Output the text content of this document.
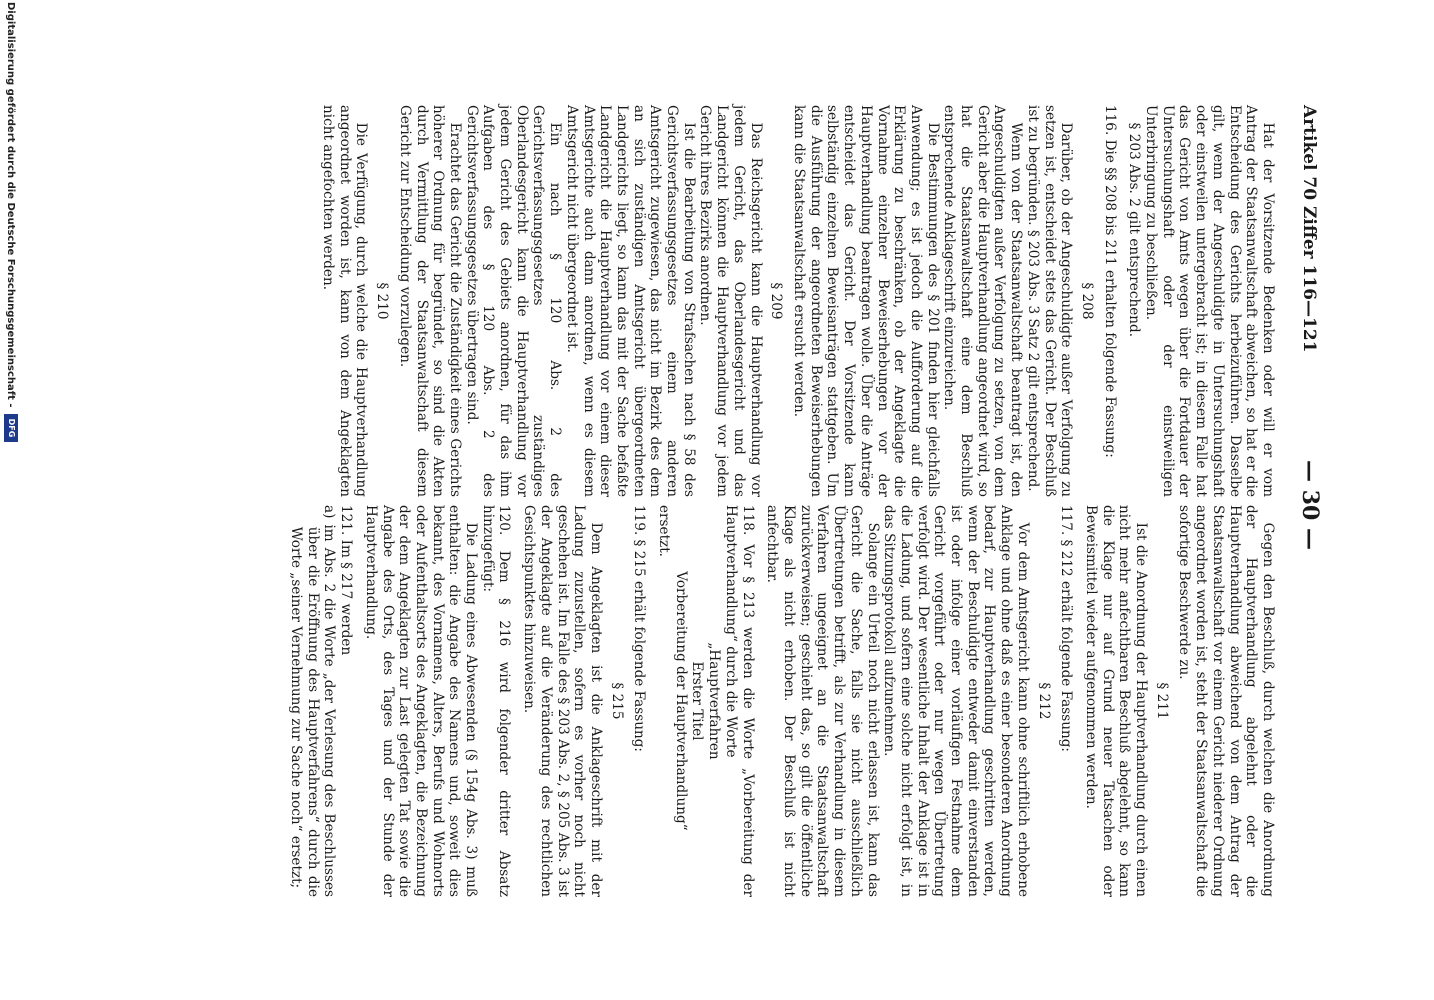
Artikel 70 Ziffer 116—121
— 30 —

Hat der Vorsitzende Bedenken oder will er vom Antrag der Staatsanwaltschaft abweichen, so hat er die Entscheidung des Gerichts herbeizuführen. Dasselbe gilt, wenn der Angeschuldigte in Untersuchungshaft oder einstweilen untergebracht ist; in diesem Falle hat das Gericht von Amts wegen über die Fortdauer der Untersuchungshaft oder der einstweiligen Unterbringung zu beschließen.

§ 203 Abs. 2 gilt entsprechend.

116. Die §§ 208 bis 211 erhalten folgende Fassung:

§ 208

Darüber, ob der Angeschuldigte außer Verfolgung zu setzen ist, entscheidet stets das Gericht. Der Beschluß ist zu begründen. § 203 Abs. 3 Satz 2 gilt entsprechend.

Wenn von der Staatsanwaltschaft beantragt ist, den Angeschuldigten außer Verfolgung zu setzen, von dem Gericht aber die Hauptverhandlung angeordnet wird, so hat die Staatsanwaltschaft eine dem Beschluß entsprechende Anklageschrift einzureichen.

Die Bestimmungen des § 201 finden hier gleichfalls Anwendung; es ist jedoch die Aufforderung auf die Erklärung zu beschränken, ob der Angeklagte die Vornahme einzelner Beweiserhebungen vor der Hauptverhandlung beantragen wolle. Über die Anträge entscheidet das Gericht. Der Vorsitzende kann selbständig einzelnen Beweisanträgen stattgeben. Um die Ausführung der angeordneten Beweiserhebungen kann die Staatsanwaltschaft ersucht werden.

§ 209

Das Reichsgericht kann die Hauptverhandlung vor jedem Gericht, das Oberlandesgericht und das Landgericht können die Hauptverhandlung vor jedem Gericht ihres Bezirks anordnen.

Ist die Bearbeitung von Strafsachen nach § 58 des Gerichtsverfassungsgesetzes einem anderen Amtsgericht zugewiesen, das nicht im Bezirk des dem an sich zuständigen Amtsgericht übergeordneten Landgerichts liegt, so kann das mit der Sache befaßte Landgericht die Hauptverhandlung vor einem dieser Amtsgerichte auch dann anordnen, wenn es diesem Amtsgericht nicht übergeordnet ist.

Ein nach § 120 Abs. 2 des Gerichtsverfassungsgesetzes zuständiges Oberlandesgericht kann die Hauptverhandlung vor jedem Gericht des Gebiets anordnen, für das ihm Aufgaben des § 120 Abs. 2 des Gerichtsverfassungsgesetzes übertragen sind.

Erachtet das Gericht die Zuständigkeit eines Gerichts höherer Ordnung für begründet, so sind die Akten durch Vermittlung der Staatsanwaltschaft diesem Gericht zur Entscheidung vorzulegen.

§ 210

Die Verfügung, durch welche die Hauptverhandlung angeordnet worden ist, kann von dem Angeklagten nicht angefochten werden.

Gegen den Beschluß, durch welchen die Anordnung der Hauptverhandlung abgelehnt oder die Hauptverhandlung abweichend von dem Antrag der Staatsanwaltschaft vor einem Gericht niederer Ordnung angeordnet worden ist, steht der Staatsanwaltschaft die sofortige Beschwerde zu.

§ 211

Ist die Anordnung der Hauptverhandlung durch einen nicht mehr anfechtbaren Beschluß abgelehnt, so kann die Klage nur auf Grund neuer Tatsachen oder Beweismittel wieder aufgenommen werden.

117. § 212 erhält folgende Fassung:

§ 212

Vor dem Amtsgericht kann ohne schriftlich erhobene Anklage und ohne daß es einer besonderen Anordnung bedarf, zur Hauptverhandlung geschritten werden, wenn der Beschuldigte entweder damit einverstanden ist oder infolge einer vorläufigen Festnahme dem Gericht vorgeführt oder nur wegen Übertretung verfolgt wird. Der wesentliche Inhalt der Anklage ist in die Ladung, und sofern eine solche nicht erfolgt ist, in das Sitzungsprotokoll aufzunehmen.

Solange ein Urteil noch nicht erlassen ist, kann das Gericht die Sache, falls sie nicht ausschließlich Übertretungen betrifft, als zur Verhandlung in diesem Verfahren ungeeignet an die Staatsanwaltschaft zurückverweisen; geschieht das, so gilt die öffentliche Klage als nicht erhoben. Der Beschluß ist nicht anfechtbar.

118. Vor § 213 werden die Worte „Vorbereitung der Hauptverhandlung“ durch die Worte

„Hauptverfahren

Erster Titel

Vorbereitung der Hauptverhandlung“

ersetzt.

119. § 215 erhält folgende Fassung:

§ 215

Dem Angeklagten ist die Anklageschrift mit der Ladung zuzustellen, sofern es vorher noch nicht geschehen ist. Im Falle des § 203 Abs. 2, § 205 Abs. 3 ist der Angeklagte auf die Veränderung des rechtlichen Gesichtspunktes hinzuweisen.

120. Dem § 216 wird folgender dritter Absatz hinzugefügt:

Die Ladung eines Abwesenden (§ 154g Abs. 3) muß enthalten: die Angabe des Namens und, soweit dies bekannt, des Vornamens, Alters, Berufs und Wohnorts oder Aufenthaltsorts des Angeklagten, die Bezeichnung der dem Angeklagten zur Last gelegten Tat sowie die Angabe des Orts, des Tages und der Stunde der Hauptverhandlung.

121. Im § 217 werden

a) im Abs. 2 die Worte „der Verlesung des Beschlusses über die Eröffnung des Hauptverfahrens“ durch die Worte „seiner Vernehmung zur Sache noch“ ersetzt;

Digitalisierung gefördert durch die Deutsche Forschungsgemeinschaft - DFG
